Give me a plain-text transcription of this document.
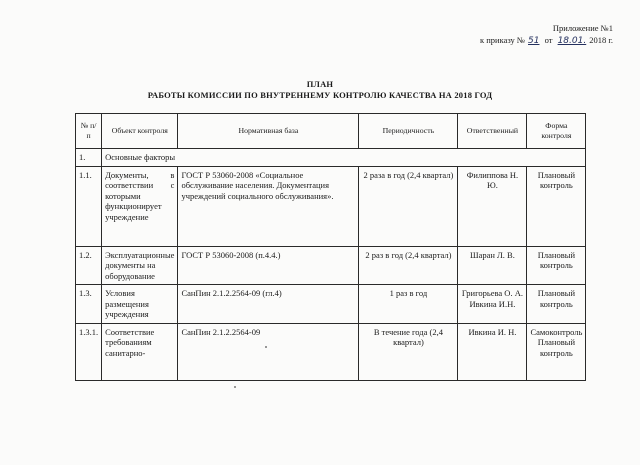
Приложение №1
к приказу № 51 от 18.01. 2018 г.
ПЛАН
РАБОТЫ КОМИССИИ ПО ВНУТРЕННЕМУ КОНТРОЛЮ КАЧЕСТВА НА 2018 ГОД
№ п/п	Объект контроля	Нормативная база	Периодичность	Ответственный	Форма контроля
1.	Основные факторы				
1.1.	Документы, в соответствии с которыми функционирует учреждение	ГОСТ Р 53060-2008 «Социальное обслуживание населения. Документация учреждений социального обслуживания».	2 раза в год (2,4 квартал)	Филиппова Н. Ю.	Плановый контроль
1.2.	Эксплуатационные документы на оборудование	ГОСТ Р 53060-2008 (п.4.4.)	2 раз в год (2,4 квартал)	Шаран Л. В.	Плановый контроль
1.3.	Условия размещения учреждения	СанПин 2.1.2.2564-09 (гл.4)	1 раз в год	Григорьева О. А. Ивкина И.Н.	Плановый контроль
1.3.1.	Соответствие требованиям санитарно-	СанПин 2.1.2.2564-09	В течение года (2,4 квартал)	Ивкина И. Н.	Самоконтроль Плановый контроль
